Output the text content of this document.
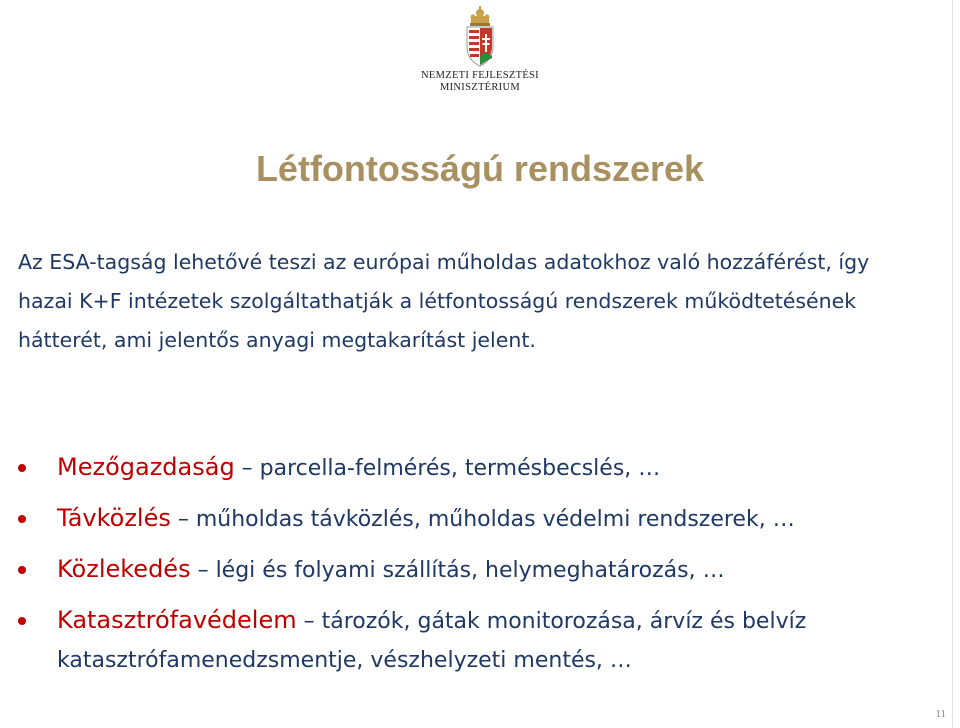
NEMZETI FEJLESZTÉSI
MINISZTÉRIUM
Létfontosságú rendszerek
Az ESA-tagság lehetővé teszi az európai műholdas adatokhoz való hozzáférést, így hazai K+F intézetek szolgáltathatják a létfontosságú rendszerek működtetésének hátterét, ami jelentős anyagi megtakarítást jelent.
Mezőgazdaság – parcella-felmérés, termésbecslés, …
Távközlés – műholdas távközlés, műholdas védelmi rendszerek, …
Közlekedés – légi és folyami szállítás, helymeghatározás, …
Katasztrófavédelem – tározók, gátak monitorozása, árvíz és belvíz katasztrófamenedzsmentje, vészhelyzeti mentés, …
11
